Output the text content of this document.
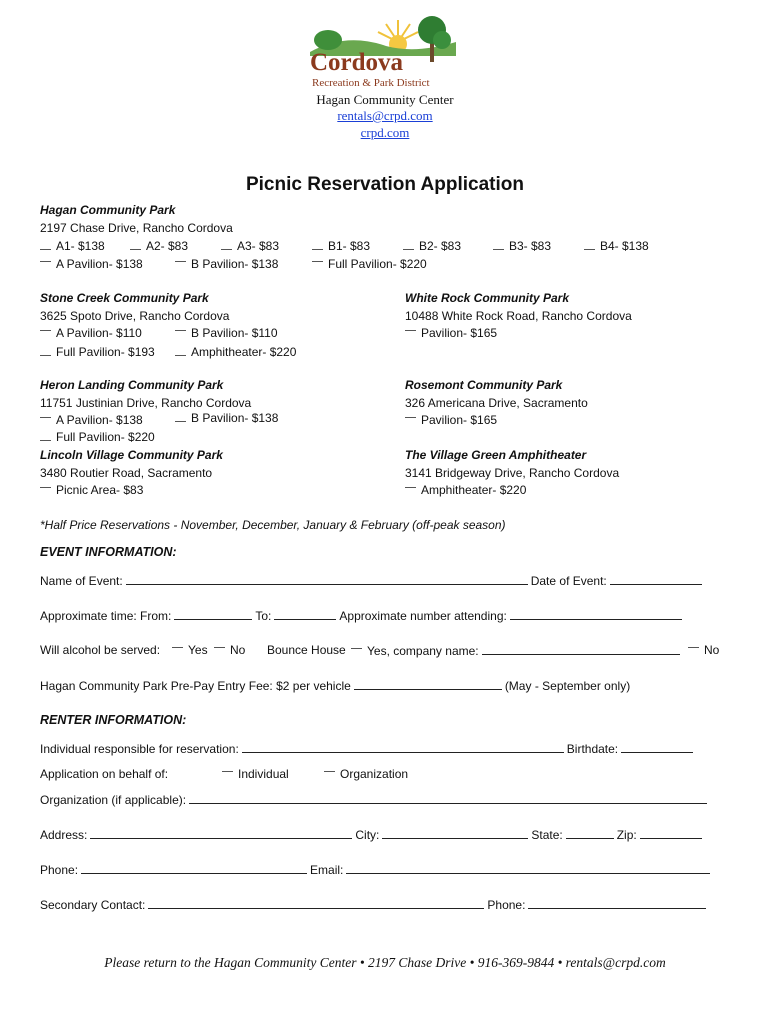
Cordova
Recreation & Park District
Hagan Community Center
rentals@crpd.com
crpd.com
Picnic Reservation Application
Hagan Community Park
2197 Chase Drive, Rancho Cordova
A1- $138	A2- $83	A3- $83	B1- $83	B2- $83	B3- $83	B4- $138
A Pavilion- $138	B Pavilion- $138	Full Pavilion- $220
Stone Creek Community Park
3625 Spoto Drive, Rancho Cordova
A Pavilion- $110	B Pavilion- $110
Full Pavilion- $193	Amphitheater- $220
White Rock Community Park
10488 White Rock Road, Rancho Cordova
Pavilion- $165
Heron Landing Community Park
11751 Justinian Drive, Rancho Cordova
A Pavilion- $138	B Pavilion- $138
Full Pavilion- $220
Rosemont Community Park
326 Americana Drive, Sacramento
Pavilion- $165
Lincoln Village Community Park
3480 Routier Road, Sacramento
Picnic Area- $83
The Village Green Amphitheater
3141 Bridgeway Drive, Rancho Cordova
Amphitheater- $220
*Half Price Reservations - November, December, January & February (off-peak season)
EVENT INFORMATION:
Name of Event:	Date of Event:
Approximate time: From:	To:	Approximate number attending:
Will alcohol be served:	Yes	No Bounce House	Yes, company name:	No
Hagan Community Park Pre-Pay Entry Fee: $2 per vehicle	(May - September only)
RENTER INFORMATION:
Individual responsible for reservation:	Birthdate:
Application on behalf of:	Individual	Organization
Organization (if applicable):
Address:	City:	State:	Zip:
Phone:	Email:
Secondary Contact:	Phone:
Please return to the Hagan Community Center • 2197 Chase Drive • 916-369-9844 • rentals@crpd.com
